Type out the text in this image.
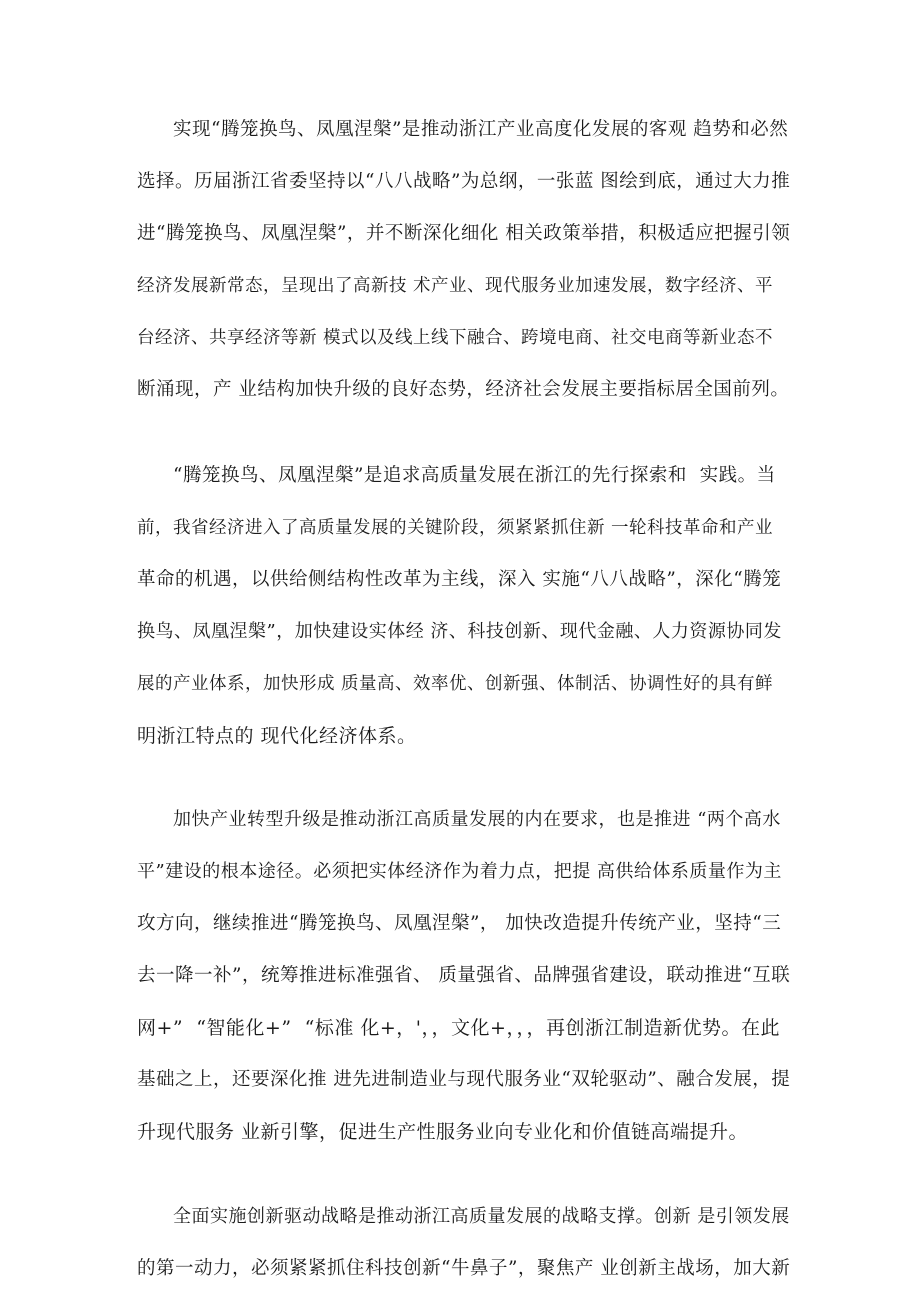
实现“腾笼换鸟、凤凰涅槃”是推动浙江产业高度化发展的客观 趋势和必然
选择。历届浙江省委坚持以“八八战略”为总纲，一张蓝 图绘到底，通过大力推
进“腾笼换鸟、凤凰涅槃”，并不断深化细化 相关政策举措，积极适应把握引领
经济发展新常态，呈现出了高新技 术产业、现代服务业加速发展，数字经济、平
台经济、共享经济等新 模式以及线上线下融合、跨境电商、社交电商等新业态不
断涌现，产 业结构加快升级的良好态势，经济社会发展主要指标居全国前列。
“腾笼换鸟、凤凰涅槃”是追求高质量发展在浙江的先行探索和  实践。当
前，我省经济进入了高质量发展的关键阶段，须紧紧抓住新 一轮科技革命和产业
革命的机遇，以供给侧结构性改革为主线，深入 实施“八八战略”，深化“腾笼
换鸟、凤凰涅槃”，加快建设实体经 济、科技创新、现代金融、人力资源协同发
展的产业体系，加快形成 质量高、效率优、创新强、体制活、协调性好的具有鲜
明浙江特点的 现代化经济体系。
加快产业转型升级是推动浙江高质量发展的内在要求，也是推进 “两个高水
平”建设的根本途径。必须把实体经济作为着力点，把提 高供给体系质量作为主
攻方向，继续推进“腾笼换鸟、凤凰涅槃”， 加快改造提升传统产业，坚持“三
去一降一补”，统筹推进标准强省、 质量强省、品牌强省建设，联动推进“互联
网+”  “智能化+”  “标准 化+，'，，文化+，，，再创浙江制造新优势。在此
基础之上，还要深化推 进先进制造业与现代服务业“双轮驱动”、融合发展，提
升现代服务 业新引擎，促进生产性服务业向专业化和价值链高端提升。
全面实施创新驱动战略是推动浙江高质量发展的战略支撑。创新 是引领发展
的第一动力，必须紧紧抓住科技创新“牛鼻子”，聚焦产 业创新主战场，加大新
